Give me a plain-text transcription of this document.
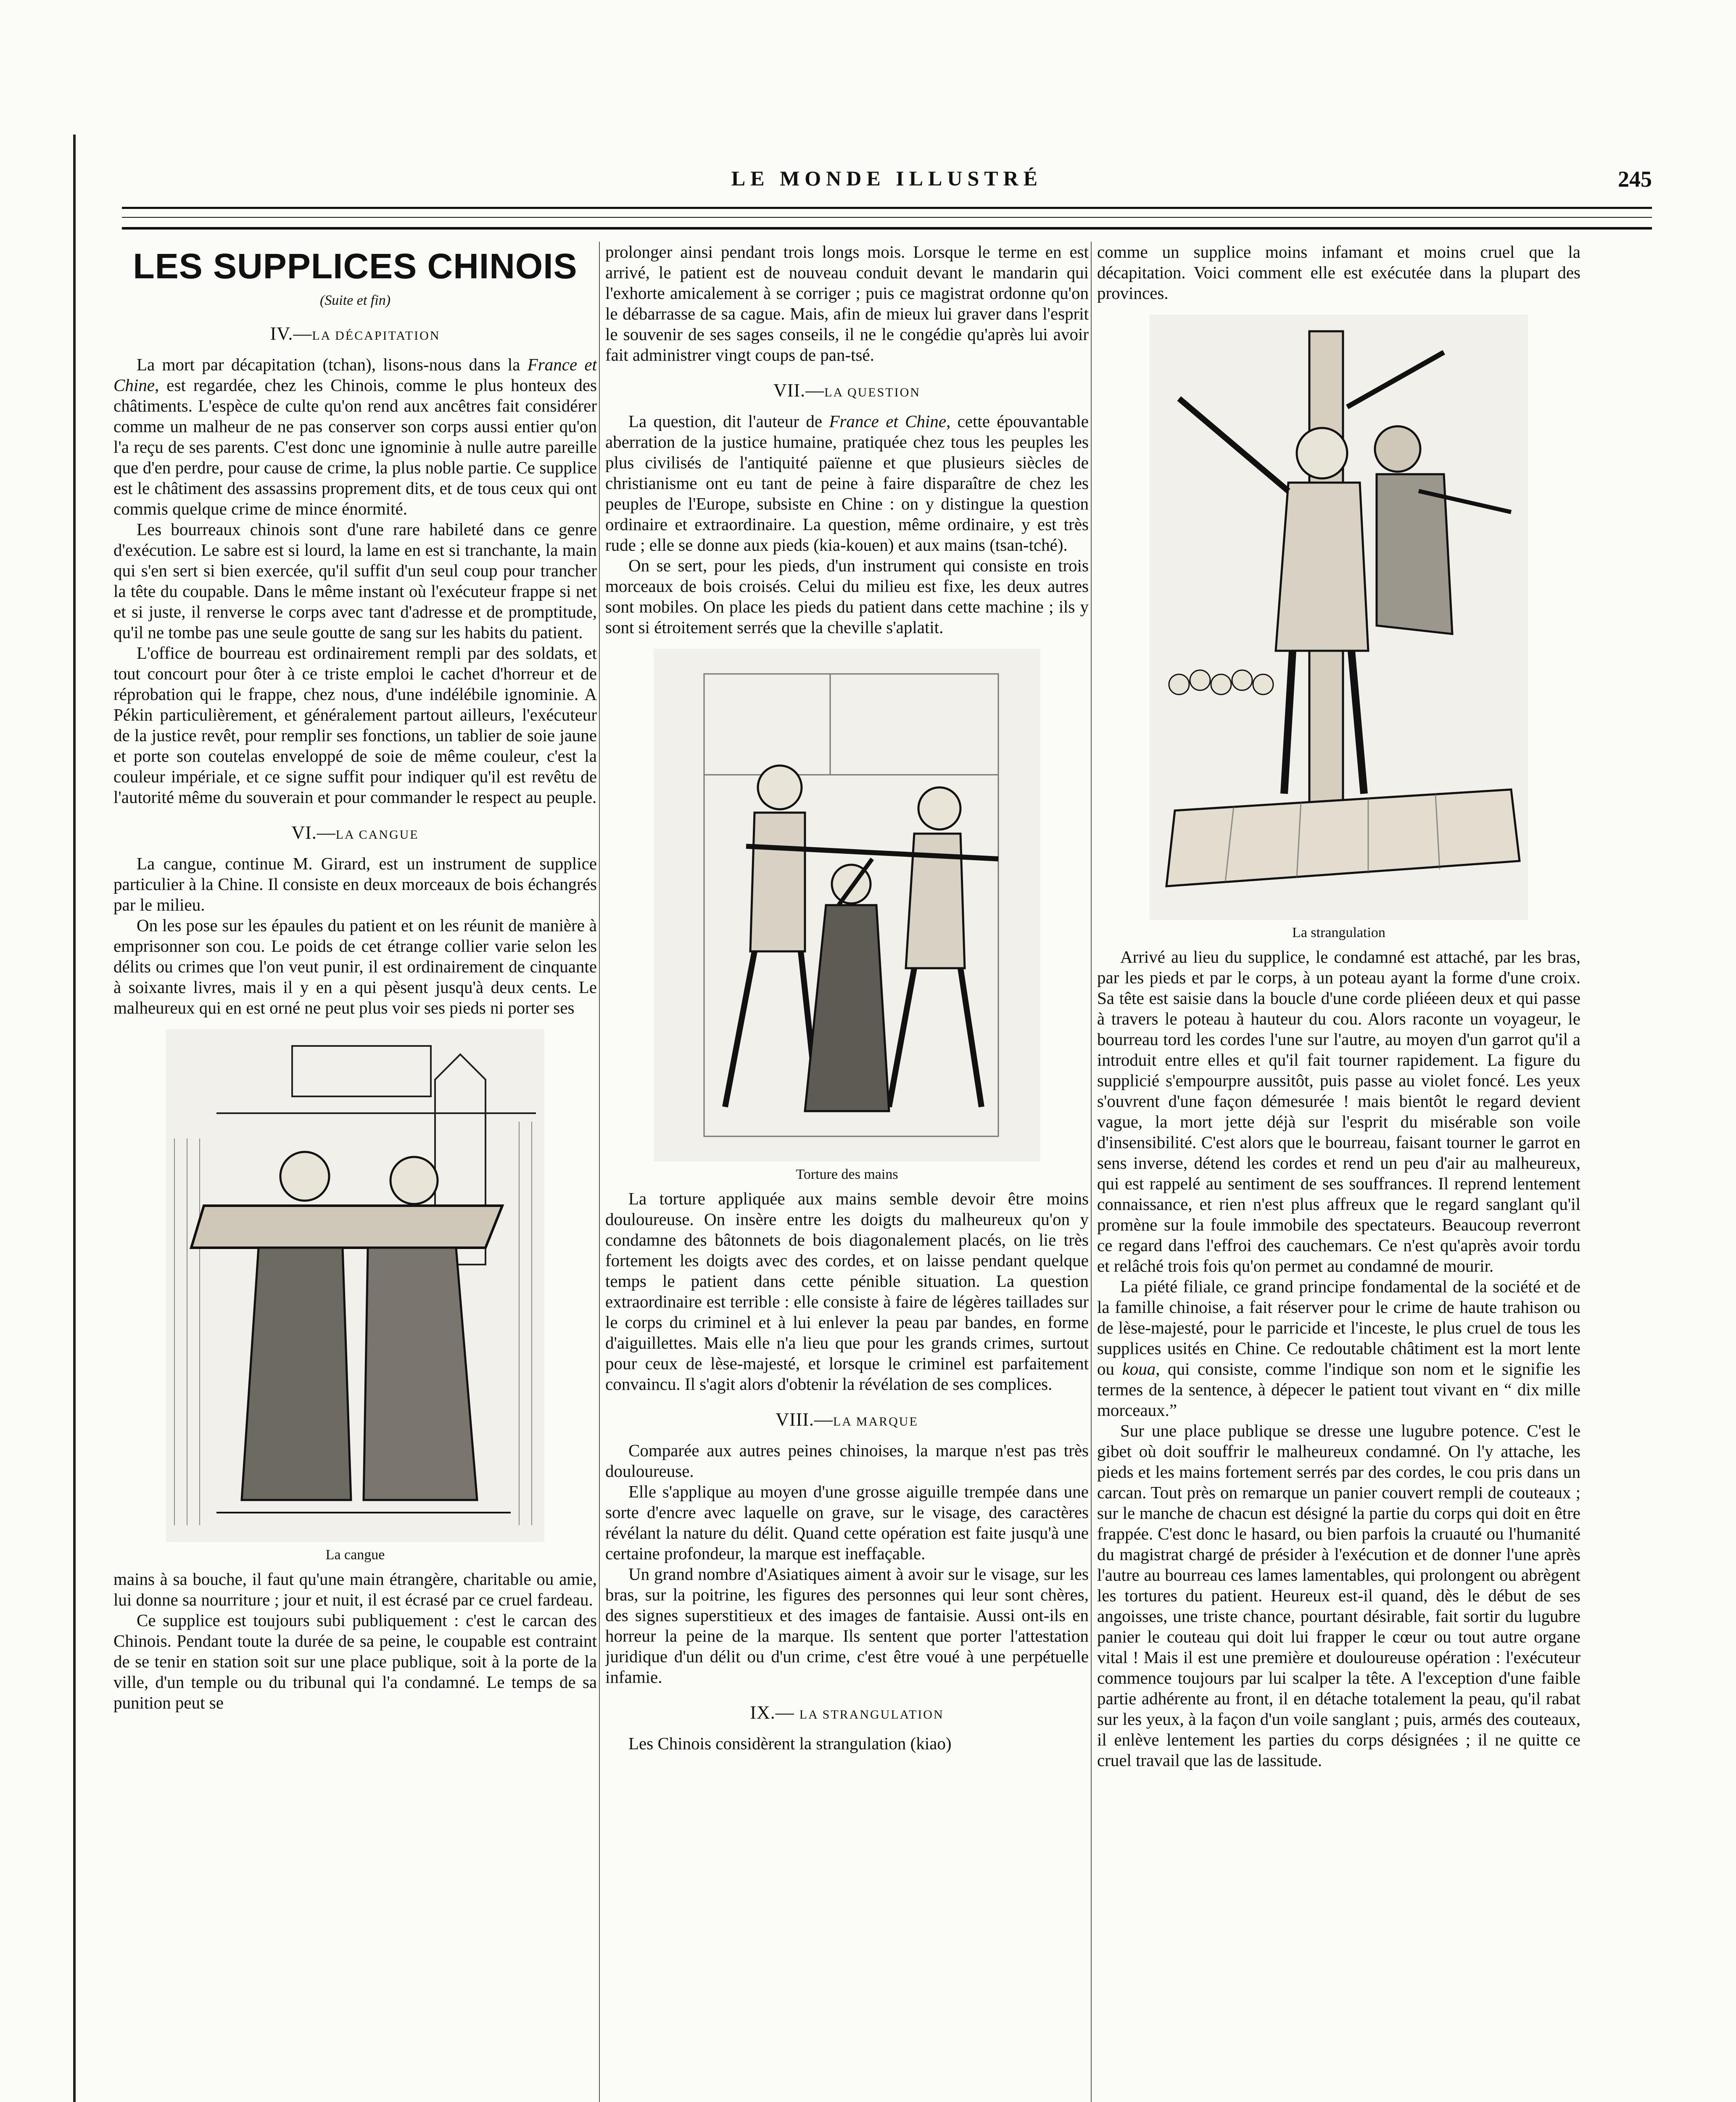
LE MONDE ILLUSTRÉ	245
LES SUPPLICES CHINOIS
(Suite et fin)
IV.—LA DÉCAPITATION

La mort par décapitation (tchan), lisons-nous dans la France et Chine, est regardée, chez les Chinois, comme le plus honteux des châtiments. L'espèce de culte qu'on rend aux ancêtres fait considérer comme un malheur de ne pas conserver son corps aussi entier qu'on l'a reçu de ses parents. C'est donc une ignominie à nulle autre pareille que d'en perdre, pour cause de crime, la plus noble partie. Ce supplice est le châtiment des assassins proprement dits, et de tous ceux qui ont commis quelque crime de mince énormité.

Les bourreaux chinois sont d'une rare habileté dans ce genre d'exécution. Le sabre est si lourd, la lame en est si tranchante, la main qui s'en sert si bien exercée, qu'il suffit d'un seul coup pour trancher la tête du coupable. Dans le même instant où l'exécuteur frappe si net et si juste, il renverse le corps avec tant d'adresse et de promptitude, qu'il ne tombe pas une seule goutte de sang sur les habits du patient.

L'office de bourreau est ordinairement rempli par des soldats, et tout concourt pour ôter à ce triste emploi le cachet d'horreur et de réprobation qui le frappe, chez nous, d'une indélébile ignominie. A Pékin particulièrement, et généralement partout ailleurs, l'exécuteur de la justice revêt, pour remplir ses fonctions, un tablier de soie jaune et porte son coutelas enveloppé de soie de même couleur, c'est la couleur impériale, et ce signe suffit pour indiquer qu'il est revêtu de l'autorité même du souverain et pour commander le respect au peuple.

VI.—LA CANGUE

La cangue, continue M. Girard, est un instrument de supplice particulier à la Chine. Il consiste en deux morceaux de bois échangrés par le milieu.

On les pose sur les épaules du patient et on les réunit de manière à emprisonner son cou. Le poids de cet étrange collier varie selon les délits ou crimes que l'on veut punir, il est ordinairement de cinquante à soixante livres, mais il y en a qui pèsent jusqu'à deux cents. Le malheureux qui en est orné ne peut plus voir ses pieds ni porter ses

La cangue

mains à sa bouche, il faut qu'une main étrangère, charitable ou amie, lui donne sa nourriture ; jour et nuit, il est écrasé par ce cruel fardeau.

Ce supplice est toujours subi publiquement : c'est le carcan des Chinois. Pendant toute la durée de sa peine, le coupable est contraint de se tenir en station soit sur une place publique, soit à la porte de la ville, d'un temple ou du tribunal qui l'a condamné. Le temps de sa punition peut se

prolonger ainsi pendant trois longs mois. Lorsque le terme en est arrivé, le patient est de nouveau conduit devant le mandarin qui l'exhorte amicalement à se corriger ; puis ce magistrat ordonne qu'on le débarrasse de sa cague. Mais, afin de mieux lui graver dans l'esprit le souvenir de ses sages conseils, il ne le congédie qu'après lui avoir fait administrer vingt coups de pan-tsé.

VII.—LA QUESTION

La question, dit l'auteur de France et Chine, cette épouvantable aberration de la justice humaine, pratiquée chez tous les peuples les plus civilisés de l'antiquité païenne et que plusieurs siècles de christianisme ont eu tant de peine à faire disparaître de chez les peuples de l'Europe, subsiste en Chine : on y distingue la question ordinaire et extraordinaire. La question, même ordinaire, y est très rude ; elle se donne aux pieds (kia-kouen) et aux mains (tsan-tché).

On se sert, pour les pieds, d'un instrument qui consiste en trois morceaux de bois croisés. Celui du milieu est fixe, les deux autres sont mobiles. On place les pieds du patient dans cette machine ; ils y sont si étroitement serrés que la cheville s'aplatit.

Torture des mains

La torture appliquée aux mains semble devoir être moins douloureuse. On insère entre les doigts du malheureux qu'on y condamne des bâtonnets de bois diagonalement placés, on lie très fortement les doigts avec des cordes, et on laisse pendant quelque temps le patient dans cette pénible situation. La question extraordinaire est terrible : elle consiste à faire de légères taillades sur le corps du criminel et à lui enlever la peau par bandes, en forme d'aiguillettes. Mais elle n'a lieu que pour les grands crimes, surtout pour ceux de lèse-majesté, et lorsque le criminel est parfaitement convaincu. Il s'agit alors d'obtenir la révélation de ses complices.

VIII.—LA MARQUE

Comparée aux autres peines chinoises, la marque n'est pas très douloureuse.

Elle s'applique au moyen d'une grosse aiguille trempée dans une sorte d'encre avec laquelle on grave, sur le visage, des caractères révélant la nature du délit. Quand cette opération est faite jusqu'à une certaine profondeur, la marque est ineffaçable.

Un grand nombre d'Asiatiques aiment à avoir sur le visage, sur les bras, sur la poitrine, les figures des personnes qui leur sont chères, des signes superstitieux et des images de fantaisie. Aussi ont-ils en horreur la peine de la marque. Ils sentent que porter l'attestation juridique d'un délit ou d'un crime, c'est être voué à une perpétuelle infamie.

IX.— LA STRANGULATION

Les Chinois considèrent la strangulation (kiao)

comme un supplice moins infamant et moins cruel que la décapitation. Voici comment elle est exécutée dans la plupart des provinces.

La strangulation

Arrivé au lieu du supplice, le condamné est attaché, par les bras, par les pieds et par le corps, à un poteau ayant la forme d'une croix. Sa tête est saisie dans la boucle d'une corde pliéeen deux et qui passe à travers le poteau à hauteur du cou. Alors raconte un voyageur, le bourreau tord les cordes l'une sur l'autre, au moyen d'un garrot qu'il a introduit entre elles et qu'il fait tourner rapidement. La figure du supplicié s'empourpre aussitôt, puis passe au violet foncé. Les yeux s'ouvrent d'une façon démesurée ! mais bientôt le regard devient vague, la mort jette déjà sur l'esprit du misérable son voile d'insensibilité. C'est alors que le bourreau, faisant tourner le garrot en sens inverse, détend les cordes et rend un peu d'air au malheureux, qui est rappelé au sentiment de ses souffrances. Il reprend lentement connaissance, et rien n'est plus affreux que le regard sanglant qu'il promène sur la foule immobile des spectateurs. Beaucoup reverront ce regard dans l'effroi des cauchemars. Ce n'est qu'après avoir tordu et relâché trois fois qu'on permet au condamné de mourir.

La piété filiale, ce grand principe fondamental de la société et de la famille chinoise, a fait réserver pour le crime de haute trahison ou de lèse-majesté, pour le parricide et l'inceste, le plus cruel de tous les supplices usités en Chine. Ce redoutable châtiment est la mort lente ou koua, qui consiste, comme l'indique son nom et le signifie les termes de la sentence, à dépecer le patient tout vivant en “ dix mille morceaux.”

Sur une place publique se dresse une lugubre potence. C'est le gibet où doit souffrir le malheureux condamné. On l'y attache, les pieds et les mains fortement serrés par des cordes, le cou pris dans un carcan. Tout près on remarque un panier couvert rempli de couteaux ; sur le manche de chacun est désigné la partie du corps qui doit en être frappée. C'est donc le hasard, ou bien parfois la cruauté ou l'humanité du magistrat chargé de présider à l'exécution et de donner l'une après l'autre au bourreau ces lames lamentables, qui prolongent ou abrègent les tortures du patient. Heureux est-il quand, dès le début de ses angoisses, une triste chance, pourtant désirable, fait sortir du lugubre panier le couteau qui doit lui frapper le cœur ou tout autre organe vital ! Mais il est une première et douloureuse opération : l'exécuteur commence toujours par lui scalper la tête. A l'exception d'une faible partie adhérente au front, il en détache totalement la peau, qu'il rabat sur les yeux, à la façon d'un voile sanglant ; puis, armés des couteaux, il enlève lentement les parties du corps désignées ; il ne quitte ce cruel travail que las de lassitude.
